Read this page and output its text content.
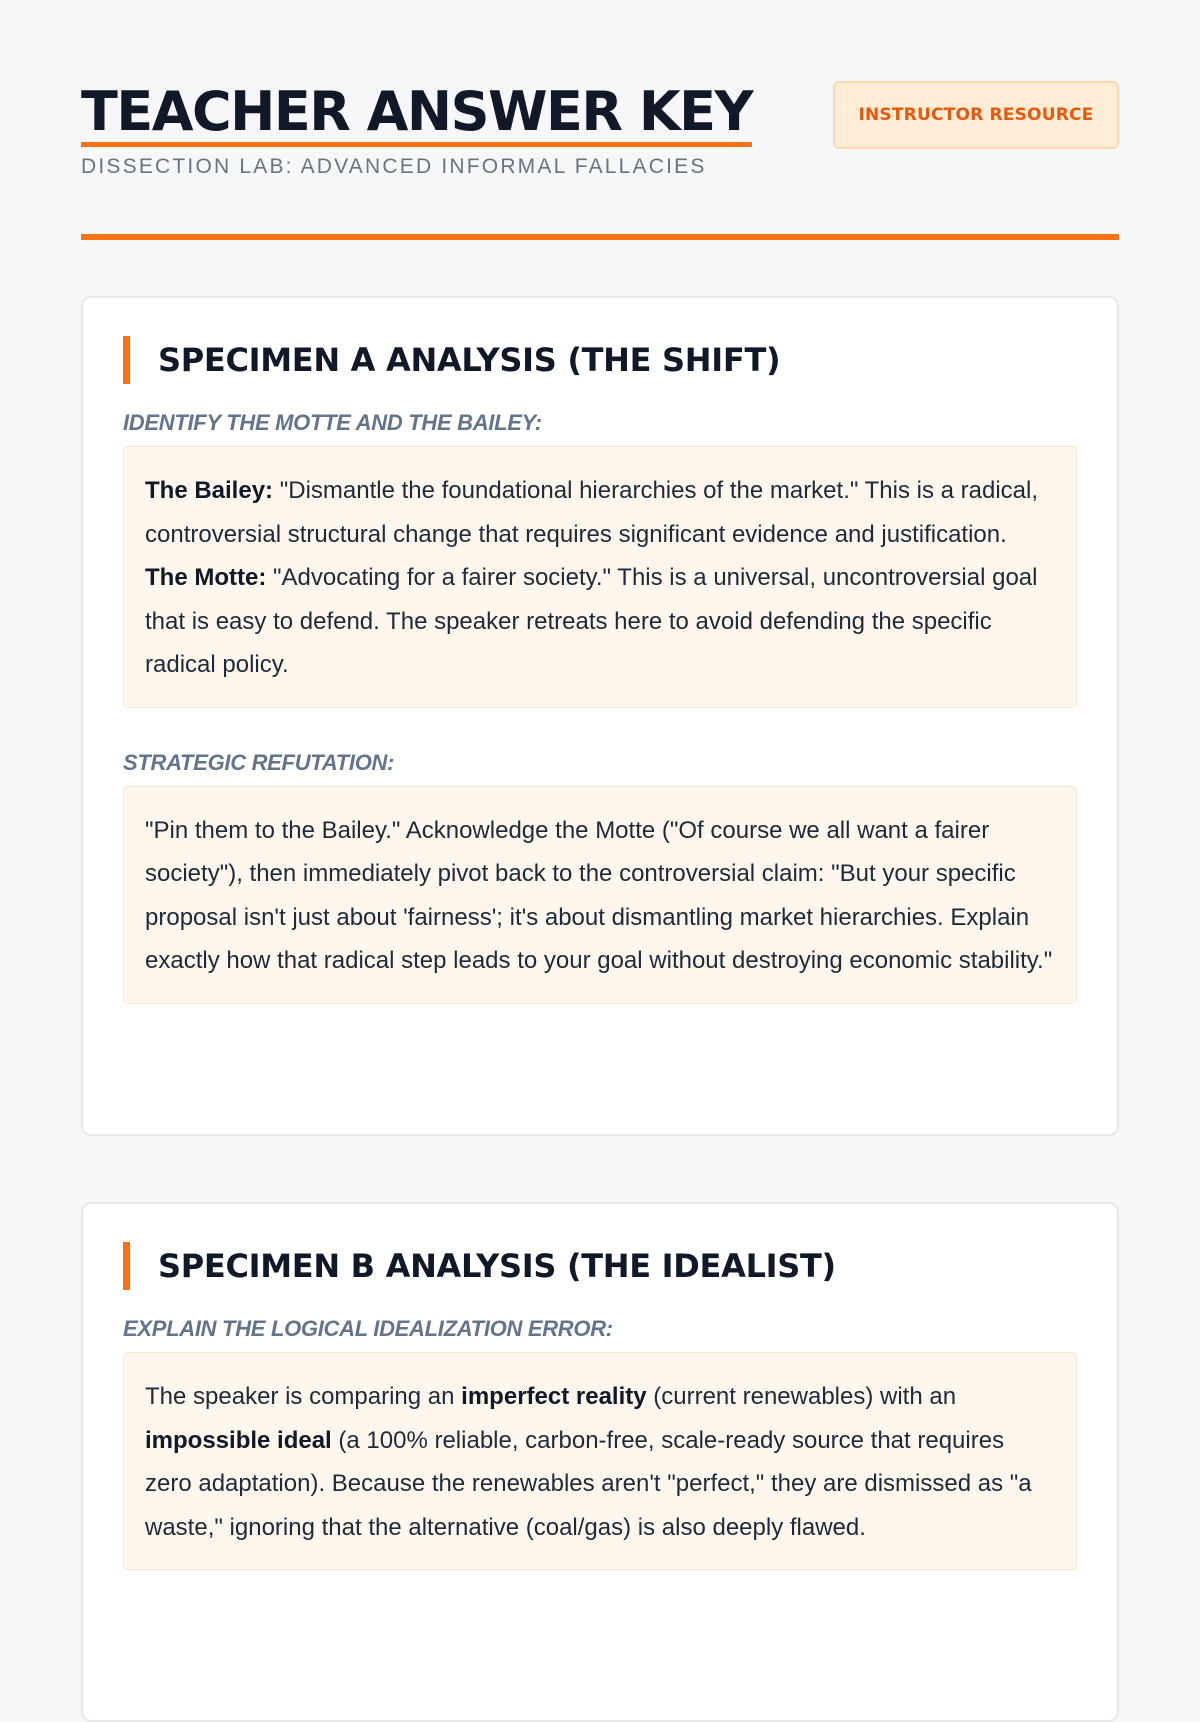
TEACHER ANSWER KEY
DISSECTION LAB: ADVANCED INFORMAL FALLACIES
INSTRUCTOR RESOURCE
SPECIMEN A ANALYSIS (THE SHIFT)
IDENTIFY THE MOTTE AND THE BAILEY:

The Bailey: "Dismantle the foundational hierarchies of the market." This is a radical, controversial structural change that requires significant evidence and justification.

The Motte: "Advocating for a fairer society." This is a universal, uncontroversial goal that is easy to defend. The speaker retreats here to avoid defending the specific radical policy.

STRATEGIC REFUTATION:

"Pin them to the Bailey." Acknowledge the Motte ("Of course we all want a fairer society"), then immediately pivot back to the controversial claim: "But your specific proposal isn't just about 'fairness'; it's about dismantling market hierarchies. Explain exactly how that radical step leads to your goal without destroying economic stability."

SPECIMEN B ANALYSIS (THE IDEALIST)
EXPLAIN THE LOGICAL IDEALIZATION ERROR:

The speaker is comparing an imperfect reality (current renewables) with an impossible ideal (a 100% reliable, carbon-free, scale-ready source that requires zero adaptation). Because the renewables aren't "perfect," they are dismissed as "a waste," ignoring that the alternative (coal/gas) is also deeply flawed.
